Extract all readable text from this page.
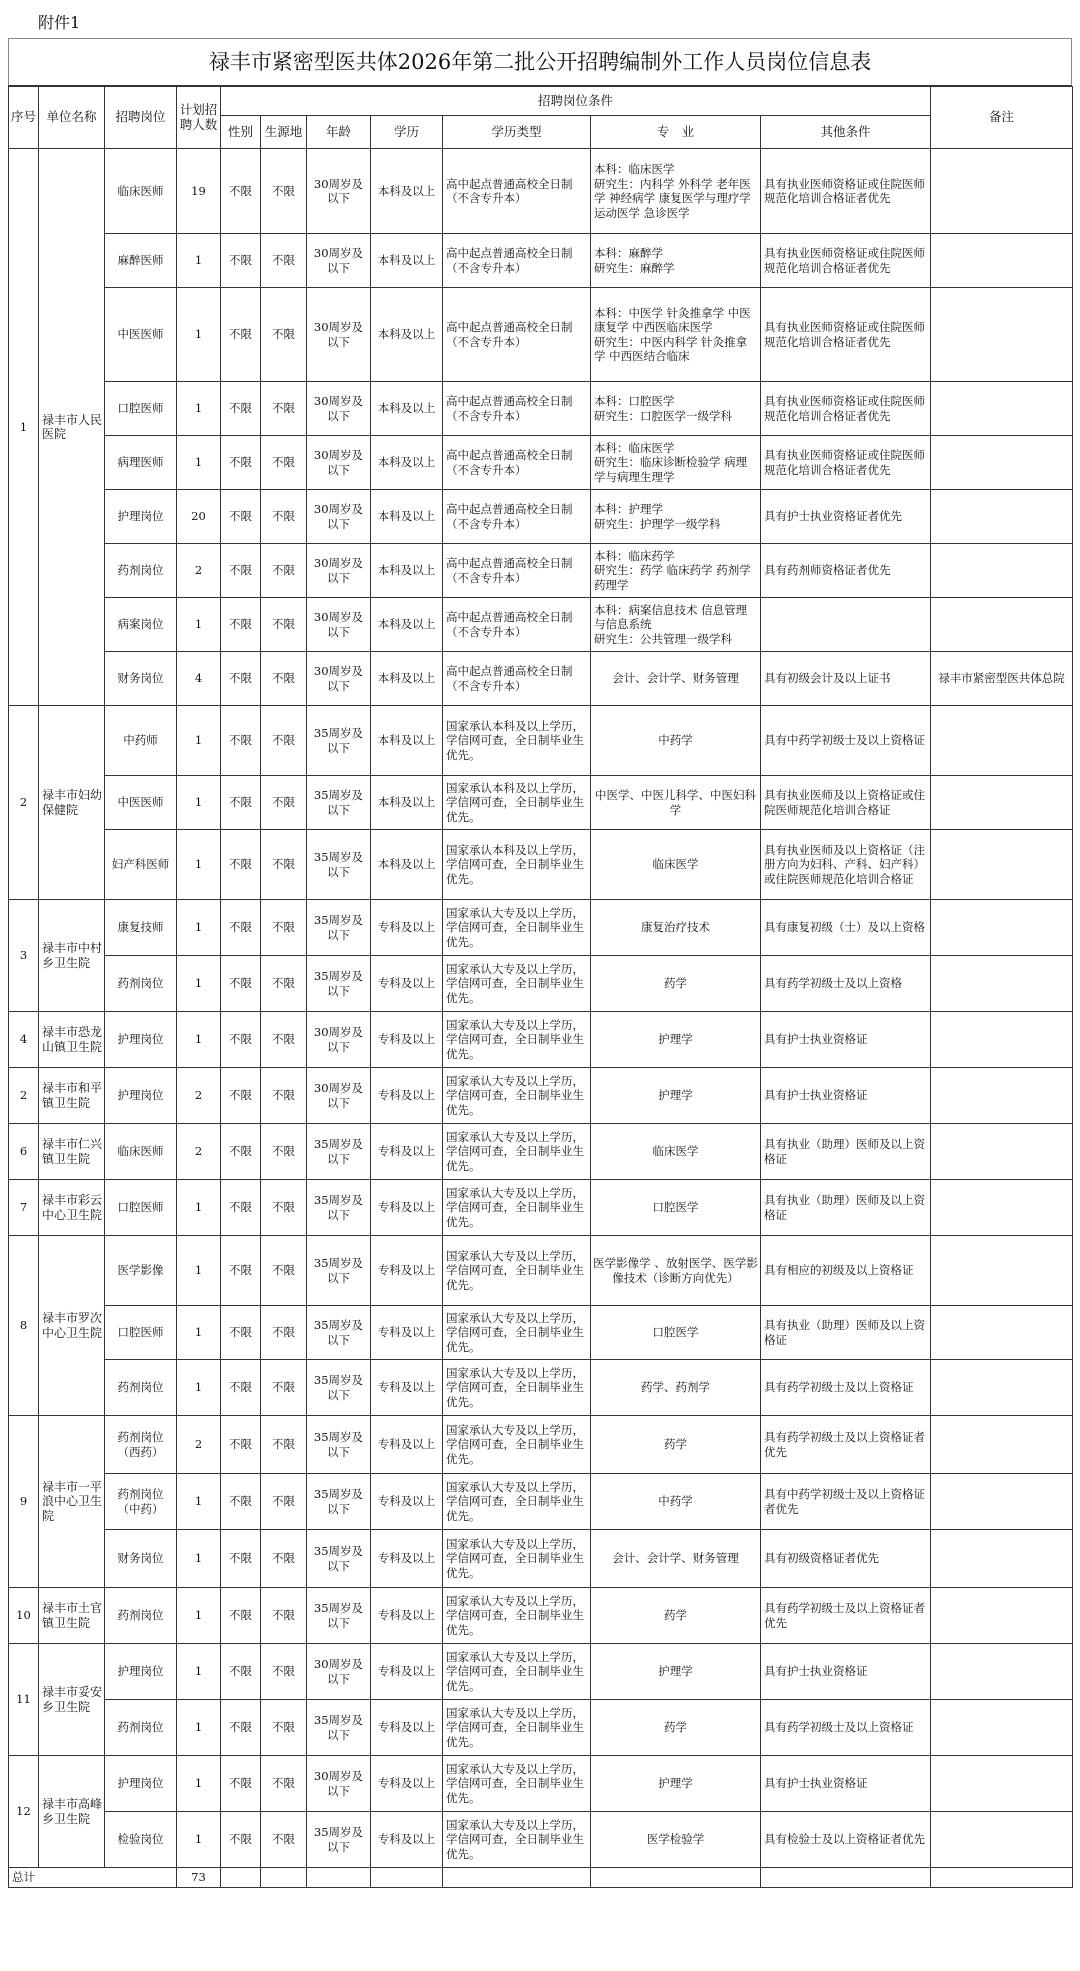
附件1
禄丰市紧密型医共体2026年第二批公开招聘编制外工作人员岗位信息表
序号	单位名称	招聘岗位	计划招聘人数	招聘岗位条件							备注
				性别	生源地	年龄	学历	学历类型	专　业	其他条件	
1	禄丰市人民医院	临床医师	19	不限	不限	30周岁及以下	本科及以上	高中起点普通高校全日制（不含专升本）	本科：临床医学
研究生：内科学 外科学 老年医学 神经病学 康复医学与理疗学 运动医学 急诊医学	具有执业医师资格证或住院医师规范化培训合格证者优先	
		麻醉医师	1	不限	不限	30周岁及以下	本科及以上	高中起点普通高校全日制（不含专升本）	本科：麻醉学
研究生：麻醉学	具有执业医师资格证或住院医师规范化培训合格证者优先	
		中医医师	1	不限	不限	30周岁及以下	本科及以上	高中起点普通高校全日制（不含专升本）	本科：中医学 针灸推拿学 中医康复学 中西医临床医学
研究生：中医内科学 针灸推拿学 中西医结合临床	具有执业医师资格证或住院医师规范化培训合格证者优先	
		口腔医师	1	不限	不限	30周岁及以下	本科及以上	高中起点普通高校全日制（不含专升本）	本科：口腔医学
研究生：口腔医学一级学科	具有执业医师资格证或住院医师规范化培训合格证者优先	
		病理医师	1	不限	不限	30周岁及以下	本科及以上	高中起点普通高校全日制（不含专升本）	本科：临床医学
研究生：临床诊断检验学 病理学与病理生理学	具有执业医师资格证或住院医师规范化培训合格证者优先	
		护理岗位	20	不限	不限	30周岁及以下	本科及以上	高中起点普通高校全日制（不含专升本）	本科：护理学
研究生：护理学一级学科	具有护士执业资格证者优先	
		药剂岗位	2	不限	不限	30周岁及以下	本科及以上	高中起点普通高校全日制（不含专升本）	本科：临床药学
研究生：药学 临床药学 药剂学 药理学	具有药剂师资格证者优先	
		病案岗位	1	不限	不限	30周岁及以下	本科及以上	高中起点普通高校全日制（不含专升本）	本科：病案信息技术 信息管理与信息系统
研究生：公共管理一级学科		
		财务岗位	4	不限	不限	30周岁及以下	本科及以上	高中起点普通高校全日制（不含专升本）	会计、会计学、财务管理	具有初级会计及以上证书	禄丰市紧密型医共体总院
2	禄丰市妇幼保健院	中药师	1	不限	不限	35周岁及以下	本科及以上	国家承认本科及以上学历，学信网可查，全日制毕业生优先。	中药学	具有中药学初级士及以上资格证	
		中医医师	1	不限	不限	35周岁及以下	本科及以上	国家承认本科及以上学历，学信网可查，全日制毕业生优先。	中医学、中医儿科学、中医妇科学	具有执业医师及以上资格证或住院医师规范化培训合格证	
		妇产科医师	1	不限	不限	35周岁及以下	本科及以上	国家承认本科及以上学历，学信网可查，全日制毕业生优先。	临床医学	具有执业医师及以上资格证（注册方向为妇科、产科、妇产科）或住院医师规范化培训合格证	
3	禄丰市中村乡卫生院	康复技师	1	不限	不限	35周岁及以下	专科及以上	国家承认大专及以上学历，学信网可查，全日制毕业生优先。	康复治疗技术	具有康复初级（士）及以上资格	
		药剂岗位	1	不限	不限	35周岁及以下	专科及以上	国家承认大专及以上学历，学信网可查，全日制毕业生优先。	药学	具有药学初级士及以上资格	
4	禄丰市恐龙山镇卫生院	护理岗位	1	不限	不限	30周岁及以下	专科及以上	国家承认大专及以上学历，学信网可查，全日制毕业生优先。	护理学	具有护士执业资格证	
2	禄丰市和平镇卫生院	护理岗位	2	不限	不限	30周岁及以下	专科及以上	国家承认大专及以上学历，学信网可查，全日制毕业生优先。	护理学	具有护士执业资格证	
6	禄丰市仁兴镇卫生院	临床医师	2	不限	不限	35周岁及以下	专科及以上	国家承认大专及以上学历，学信网可查，全日制毕业生优先。	临床医学	具有执业（助理）医师及以上资格证	
7	禄丰市彩云中心卫生院	口腔医师	1	不限	不限	35周岁及以下	专科及以上	国家承认大专及以上学历，学信网可查，全日制毕业生优先。	口腔医学	具有执业（助理）医师及以上资格证	
8	禄丰市罗次中心卫生院	医学影像	1	不限	不限	35周岁及以下	专科及以上	国家承认大专及以上学历，学信网可查，全日制毕业生优先。	医学影像学 、放射医学、医学影像技术（诊断方向优先）	具有相应的初级及以上资格证	
		口腔医师	1	不限	不限	35周岁及以下	专科及以上	国家承认大专及以上学历，学信网可查，全日制毕业生优先。	口腔医学	具有执业（助理）医师及以上资格证	
		药剂岗位	1	不限	不限	35周岁及以下	专科及以上	国家承认大专及以上学历，学信网可查，全日制毕业生优先。	药学、药剂学	具有药学初级士及以上资格证	
9	禄丰市一平浪中心卫生院	药剂岗位（西药）	2	不限	不限	35周岁及以下	专科及以上	国家承认大专及以上学历，学信网可查，全日制毕业生优先。	药学	具有药学初级士及以上资格证者优先	
		药剂岗位（中药）	1	不限	不限	35周岁及以下	专科及以上	国家承认大专及以上学历，学信网可查，全日制毕业生优先。	中药学	具有中药学初级士及以上资格证者优先	
		财务岗位	1	不限	不限	35周岁及以下	专科及以上	国家承认大专及以上学历，学信网可查，全日制毕业生优先。	会计、会计学、财务管理	具有初级资格证者优先	
10	禄丰市土官镇卫生院	药剂岗位	1	不限	不限	35周岁及以下	专科及以上	国家承认大专及以上学历，学信网可查，全日制毕业生优先。	药学	具有药学初级士及以上资格证者优先	
11	禄丰市妥安乡卫生院	护理岗位	1	不限	不限	30周岁及以下	专科及以上	国家承认大专及以上学历，学信网可查，全日制毕业生优先。	护理学	具有护士执业资格证	
		药剂岗位	1	不限	不限	35周岁及以下	专科及以上	国家承认大专及以上学历，学信网可查，全日制毕业生优先。	药学	具有药学初级士及以上资格证	
12	禄丰市高峰乡卫生院	护理岗位	1	不限	不限	30周岁及以下	专科及以上	国家承认大专及以上学历，学信网可查，全日制毕业生优先。	护理学	具有护士执业资格证	
		检验岗位	1	不限	不限	35周岁及以下	专科及以上	国家承认大专及以上学历，学信网可查，全日制毕业生优先。	医学检验学	具有检验士及以上资格证者优先	
总计			73								
